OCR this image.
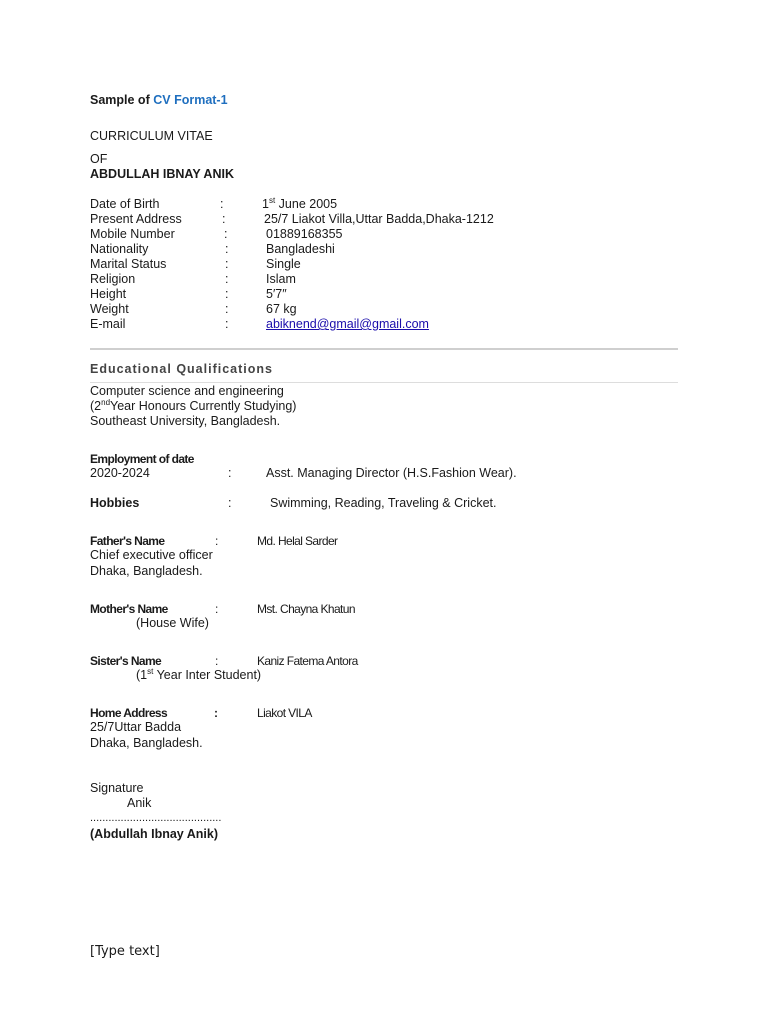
Sample of CV Format-1
CURRICULUM VITAE
OF
ABDULLAH IBNAY ANIK
Date of Birth	:	1st June 2005
Present Address	:	25/7 Liakot Villa,Uttar Badda,Dhaka-1212
Mobile Number	:	01889168355
Nationality	:	Bangladeshi
Marital Status	:	Single
Religion	:	Islam
Height	:	5′7″
Weight	:	67 kg
E-mail	:	abiknend@gmail@gmail.com
Educational Qualifications
Computer science and engineering
(2ndYear Honours Currently Studying)
Southeast University, Bangladesh.
Employment of date
2020-2024	:	Asst. Managing Director (H.S.Fashion Wear).
Hobbies	:	Swimming, Reading, Traveling & Cricket.
Father's Name	:	Md. Helal Sarder
Chief executive officer
Dhaka, Bangladesh.
Mother's Name	:	Mst. Chayna Khatun
(House Wife)
Sister's Name	:	Kaniz Fatema Antora
(1st Year Inter Student)
Home Address	:	Liakot VILA
25/7Uttar Badda
Dhaka, Bangladesh.
Signature
Anik
...........................................
(Abdullah Ibnay Anik)
[Type text]
